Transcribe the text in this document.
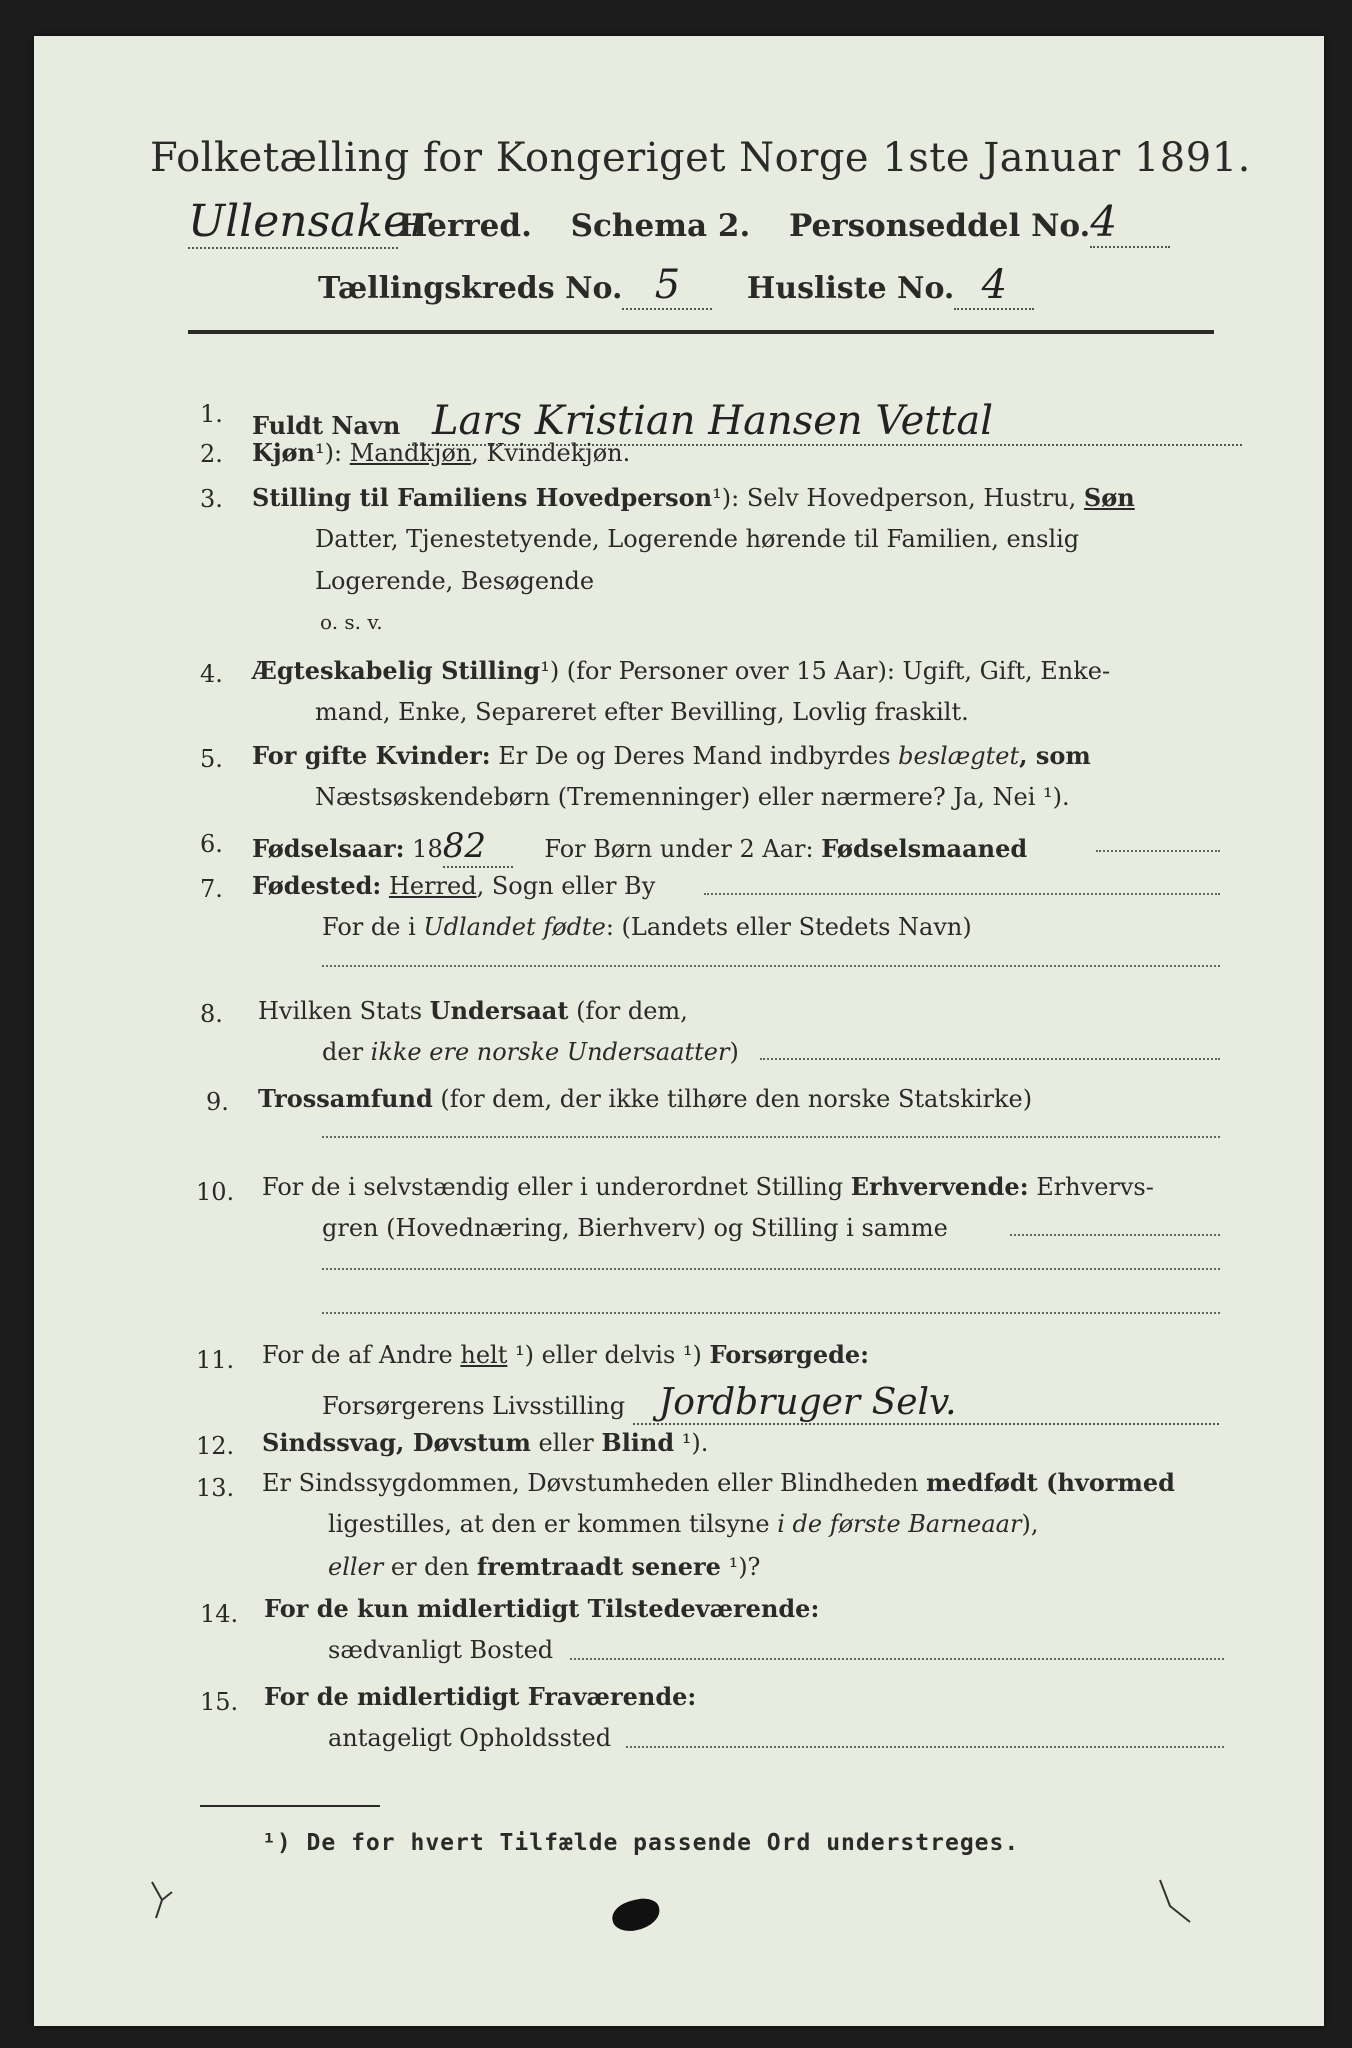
Folketælling for Kongeriget Norge 1ste Januar 1891.
UllensakerHerred. Schema 2. Personseddel No.4
Tællingskreds No. 5 Husliste No. 4
1. Fuldt Navn Lars Kristian Hansen Vettal
2. Kjøn¹): Mandkjøn, Kvindekjøn.
3. Stilling til Familiens Hovedperson¹): Selv Hovedperson, Hustru, Søn
Datter, Tjenestetyende, Logerende hørende til Familien, enslig
Logerende, Besøgende
o. s. v.
4. Ægteskabelig Stilling¹) (for Personer over 15 Aar): Ugift, Gift, Enke-
mand, Enke, Separeret efter Bevilling, Lovlig fraskilt.
5. For gifte Kvinder: Er De og Deres Mand indbyrdes beslægtet, som
Næstsøskendebørn (Tremenninger) eller nærmere? Ja, Nei ¹).
6. Fødselsaar: 1882 For Børn under 2 Aar: Fødselsmaaned
7. Fødested: Herred, Sogn eller By
For de i Udlandet fødte: (Landets eller Stedets Navn)
8. Hvilken Stats Undersaat (for dem,
der ikke ere norske Undersaatter)
9. Trossamfund (for dem, der ikke tilhøre den norske Statskirke)
10. For de i selvstændig eller i underordnet Stilling Erhvervende: Erhvervs-
gren (Hovednæring, Bierhverv) og Stilling i samme
11. For de af Andre helt ¹) eller delvis ¹) Forsørgede:
Forsørgerens Livsstilling Jordbruger Selv.
12. Sindssvag, Døvstum eller Blind ¹).
13. Er Sindssygdommen, Døvstumheden eller Blindheden medfødt (hvormed
ligestilles, at den er kommen tilsyne i de første Barneaar),
eller er den fremtraadt senere ¹)?
14. For de kun midlertidigt Tilstedeværende:
sædvanligt Bosted
15. For de midlertidigt Fraværende:
antageligt Opholdssted
¹) De for hvert Tilfælde passende Ord understreges.
